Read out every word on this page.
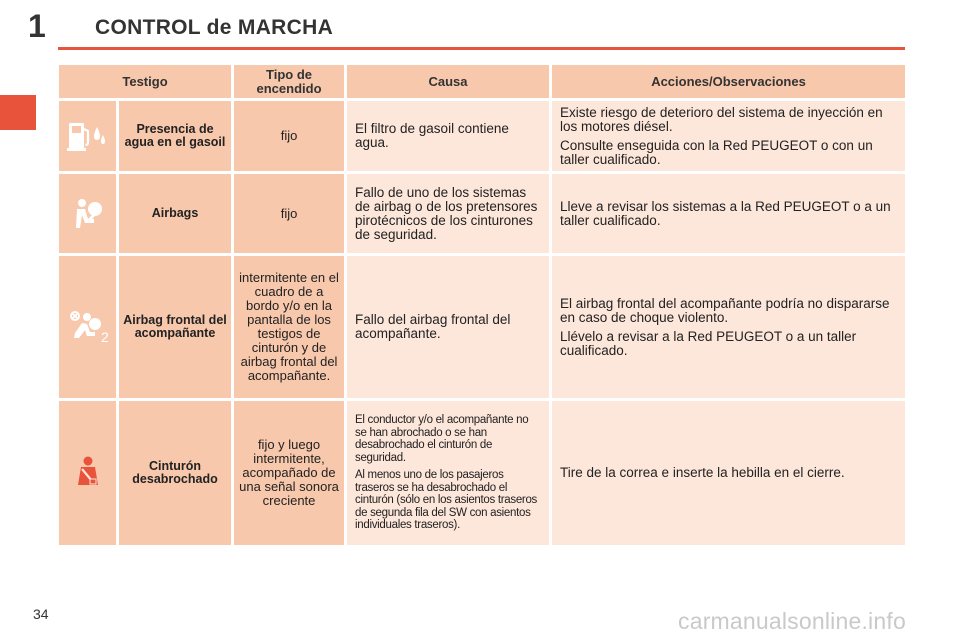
1 CONTROL de MARCHA
Testigo		Tipo de encendido	Causa	Acciones/Observaciones

	Presencia de agua en el gasoil	fijo	El filtro de gasoil contiene agua.	Existe riesgo de deterioro del sistema de inyección en los motores diésel.
Consulte enseguida con la Red PEUGEOT o con un taller cualificado.

	Airbags	fijo	Fallo de uno de los sistemas de airbag o de los pretensores pirotécnicos de los cinturones de seguridad.	Lleve a revisar los sistemas a la Red PEUGEOT o a un taller cualificado.

2	Airbag frontal del acompañante	intermitente en el cuadro de a bordo y/o en la pantalla de los testigos de cinturón y de airbag frontal del acompañante.	Fallo del airbag frontal del acompañante.	El airbag frontal del acompañante podría no dispararse en caso de choque violento.
Llévelo a revisar a la Red PEUGEOT o a un taller cualificado.

	Cinturón desabrochado	fijo y luego intermitente, acompañado de una señal sonora creciente	El conductor y/o el acompañante no se han abrochado o se han desabrochado el cinturón de seguridad.
Al menos uno de los pasajeros traseros se ha desabrochado el cinturón (sólo en los asientos traseros de segunda fila del SW con asientos individuales traseros).	Tire de la correa e inserte la hebilla en el cierre.
34	carmanualsonline.info
